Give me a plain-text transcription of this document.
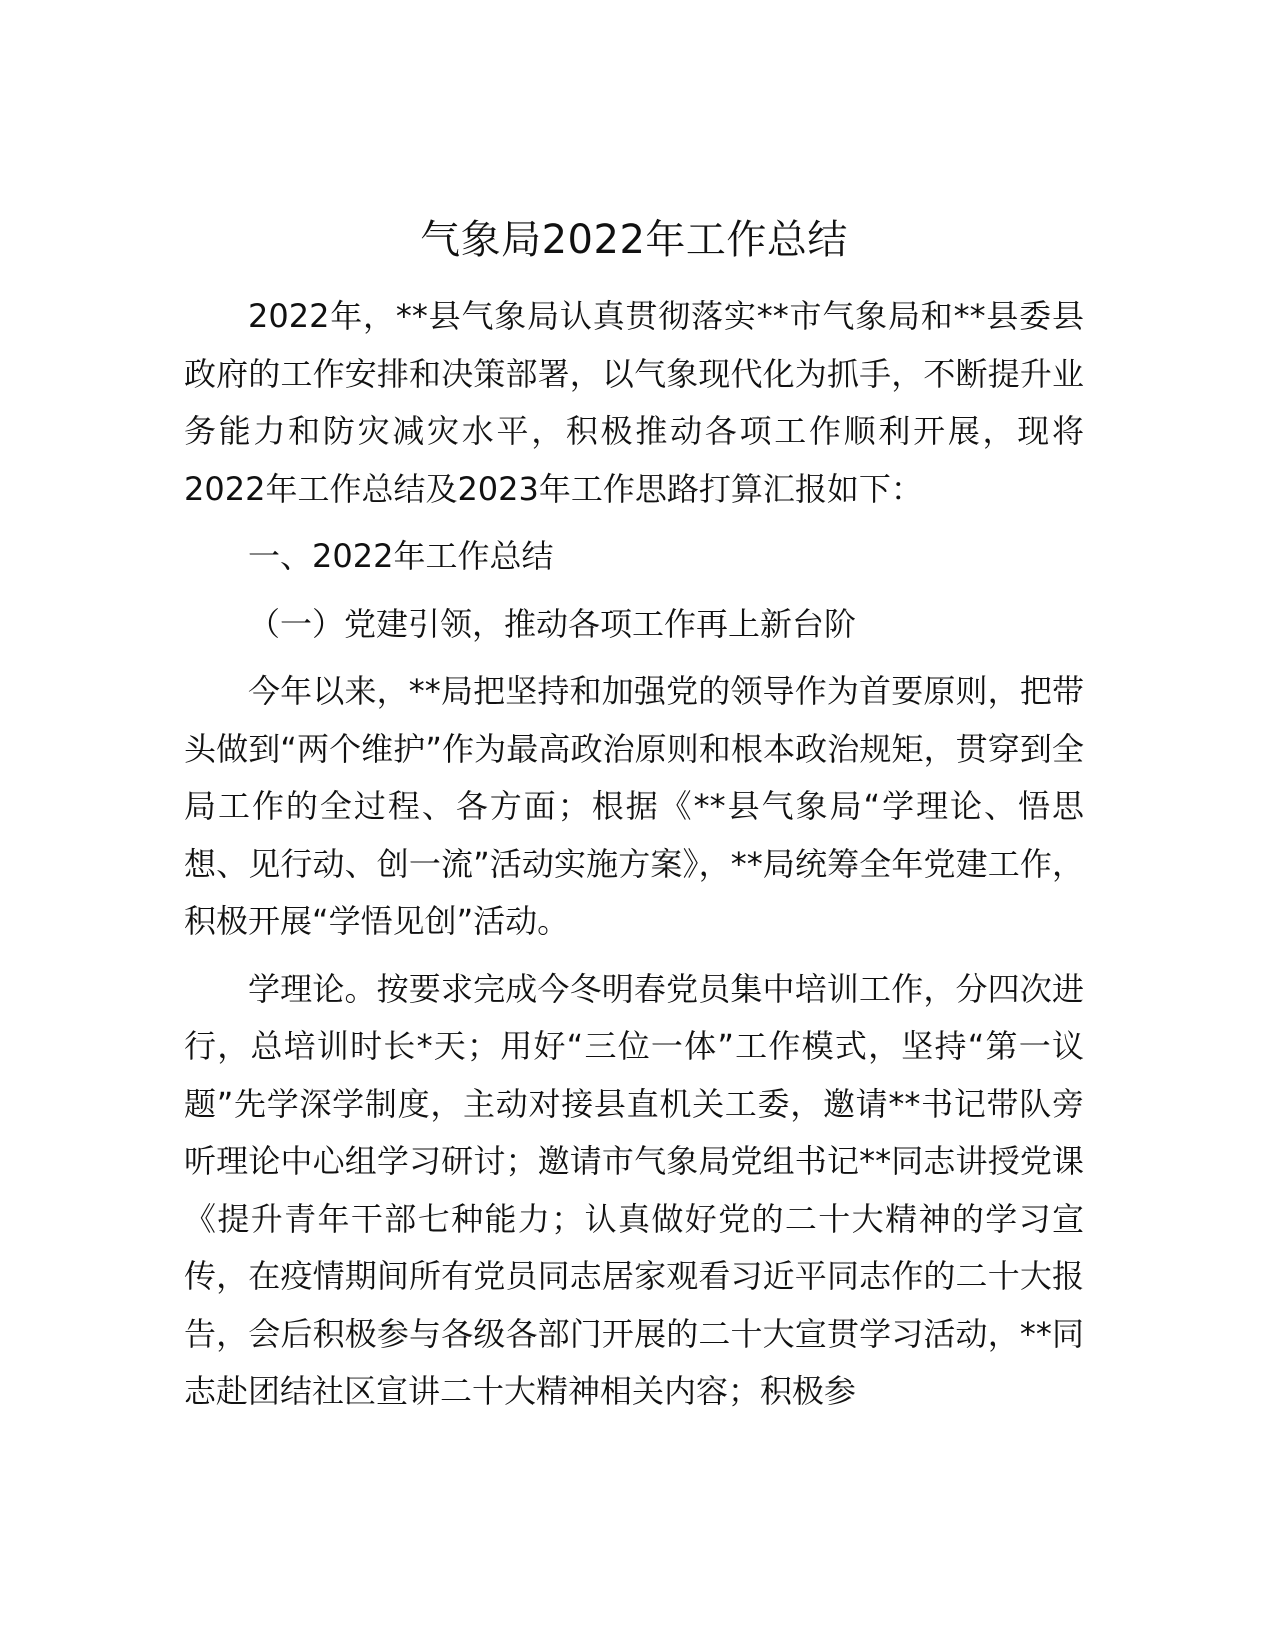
气象局2022年工作总结

2022年，**县气象局认真贯彻落实**市气象局和**县委县政府的工作安排和决策部署，以气象现代化为抓手，不断提升业务能力和防灾减灾水平，积极推动各项工作顺利开展，现将2022年工作总结及2023年工作思路打算汇报如下：

一、2022年工作总结

（一）党建引领，推动各项工作再上新台阶

今年以来，**局把坚持和加强党的领导作为首要原则，把带头做到“两个维护”作为最高政治原则和根本政治规矩，贯穿到全局工作的全过程、各方面；根据《**县气象局“学理论、悟思想、见行动、创一流”活动实施方案》，**局统筹全年党建工作，积极开展“学悟见创”活动。

学理论。按要求完成今冬明春党员集中培训工作，分四次进行，总培训时长*天；用好“三位一体”工作模式，坚持“第一议题”先学深学制度，主动对接县直机关工委，邀请**书记带队旁听理论中心组学习研讨；邀请市气象局党组书记**同志讲授党课《提升青年干部七种能力；认真做好党的二十大精神的学习宣传，在疫情期间所有党员同志居家观看习近平同志作的二十大报告，会后积极参与各级各部门开展的二十大宣贯学习活动，**同志赴团结社区宣讲二十大精神相关内容；积极参
